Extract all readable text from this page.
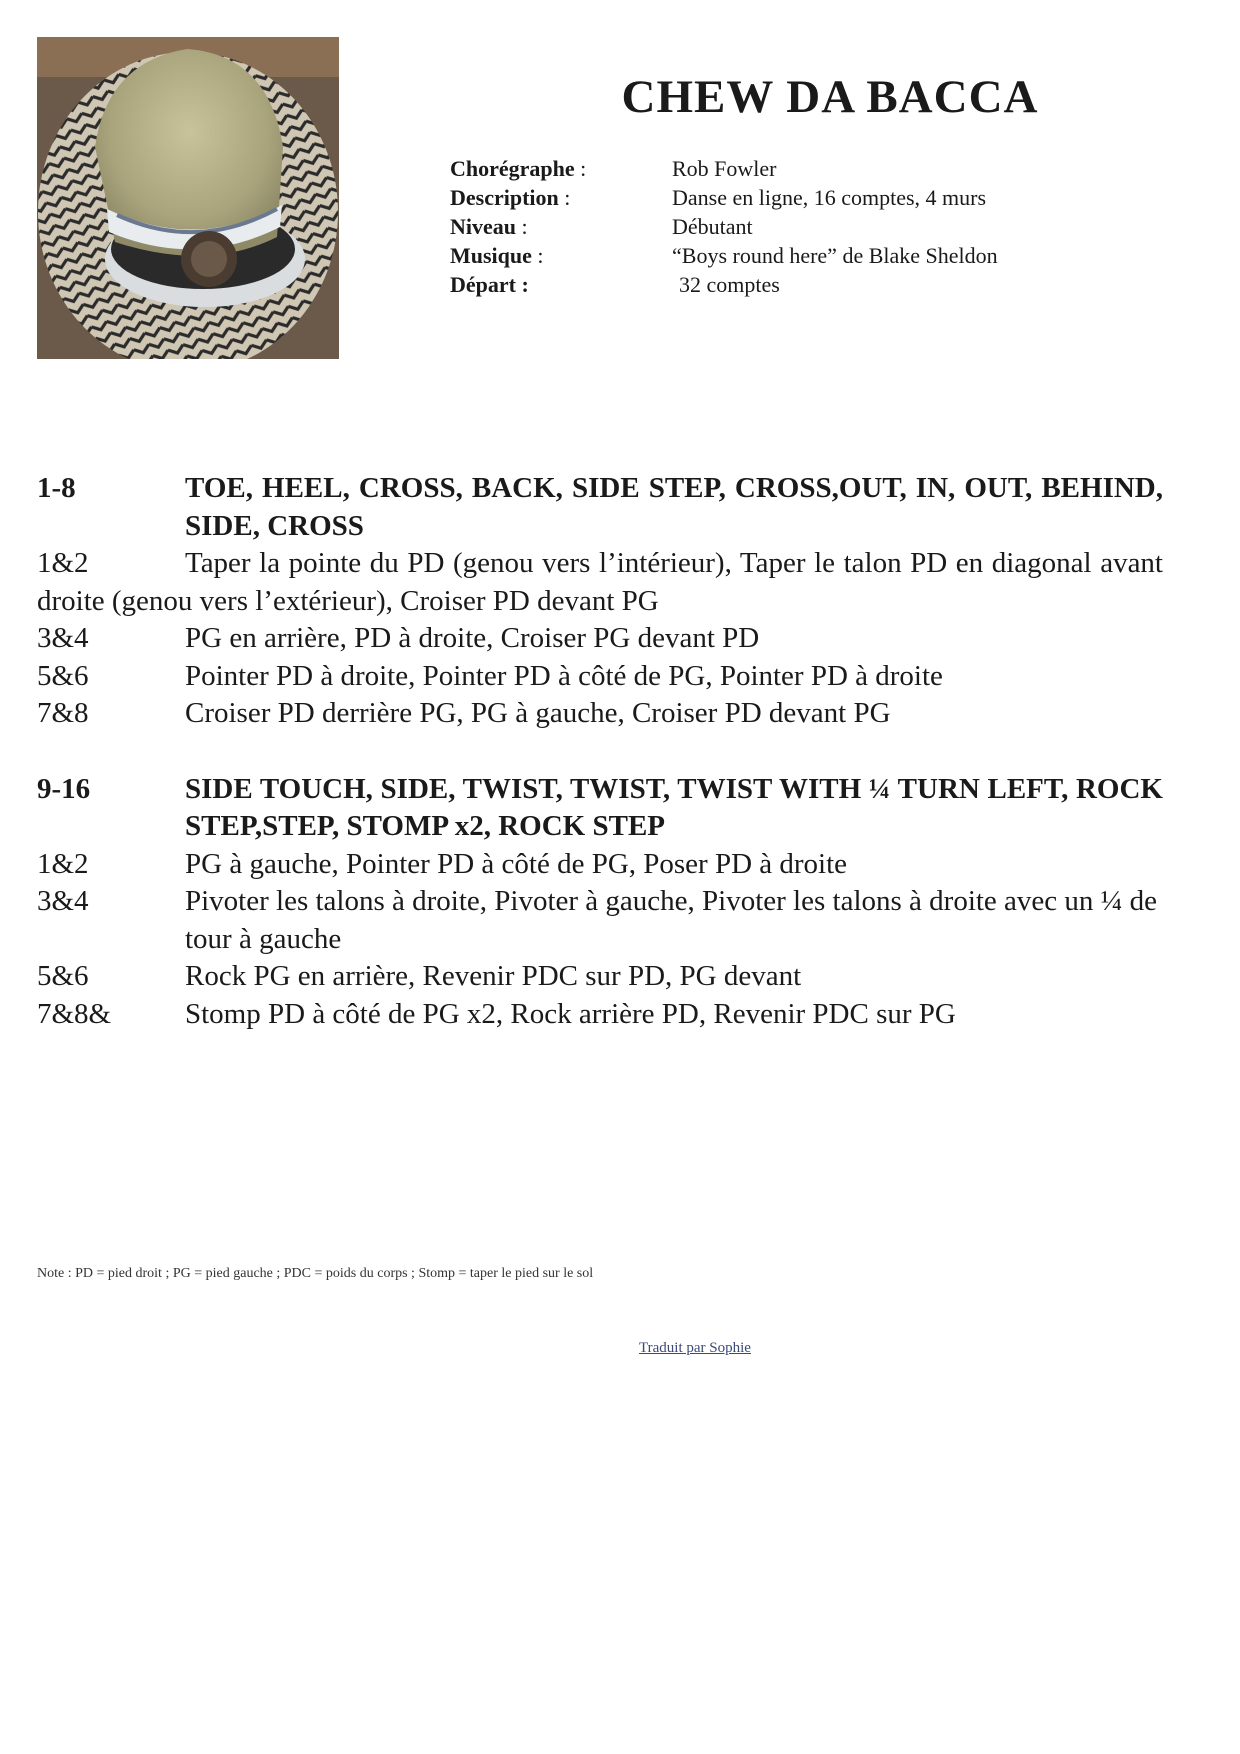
CHEW DA BACCA
Chorégraphe :	Rob Fowler
Description :	Danse en ligne, 16 comptes, 4 murs
Niveau :	Débutant
Musique :	“Boys round here” de Blake Sheldon
Départ :	32 comptes
1-8	TOE, HEEL, CROSS, BACK, SIDE STEP, CROSS,OUT, IN, OUT, BEHIND, SIDE, CROSS
1&2	Taper la pointe du PD (genou vers l’intérieur), Taper le talon PD en diagonal avant droite (genou vers l’extérieur), Croiser PD devant PG
3&4	PG en arrière, PD à droite, Croiser PG devant PD
5&6	Pointer PD à droite, Pointer PD à côté de PG, Pointer PD à droite
7&8	Croiser PD derrière PG, PG à gauche, Croiser PD devant PG
9-16	SIDE TOUCH, SIDE, TWIST, TWIST, TWIST WITH ¼ TURN LEFT, ROCK STEP,STEP, STOMP x2, ROCK STEP
1&2	PG à gauche, Pointer PD à côté de PG, Poser PD à droite
3&4	Pivoter les talons à droite, Pivoter à gauche, Pivoter les talons à droite avec un ¼ de tour à gauche
5&6	Rock PG en arrière, Revenir PDC sur PD, PG devant
7&8&	Stomp PD à côté de PG x2, Rock arrière PD, Revenir PDC sur PG
Note : PD = pied droit ; PG = pied gauche ; PDC = poids du corps ; Stomp = taper le pied sur le sol
Traduit par Sophie
